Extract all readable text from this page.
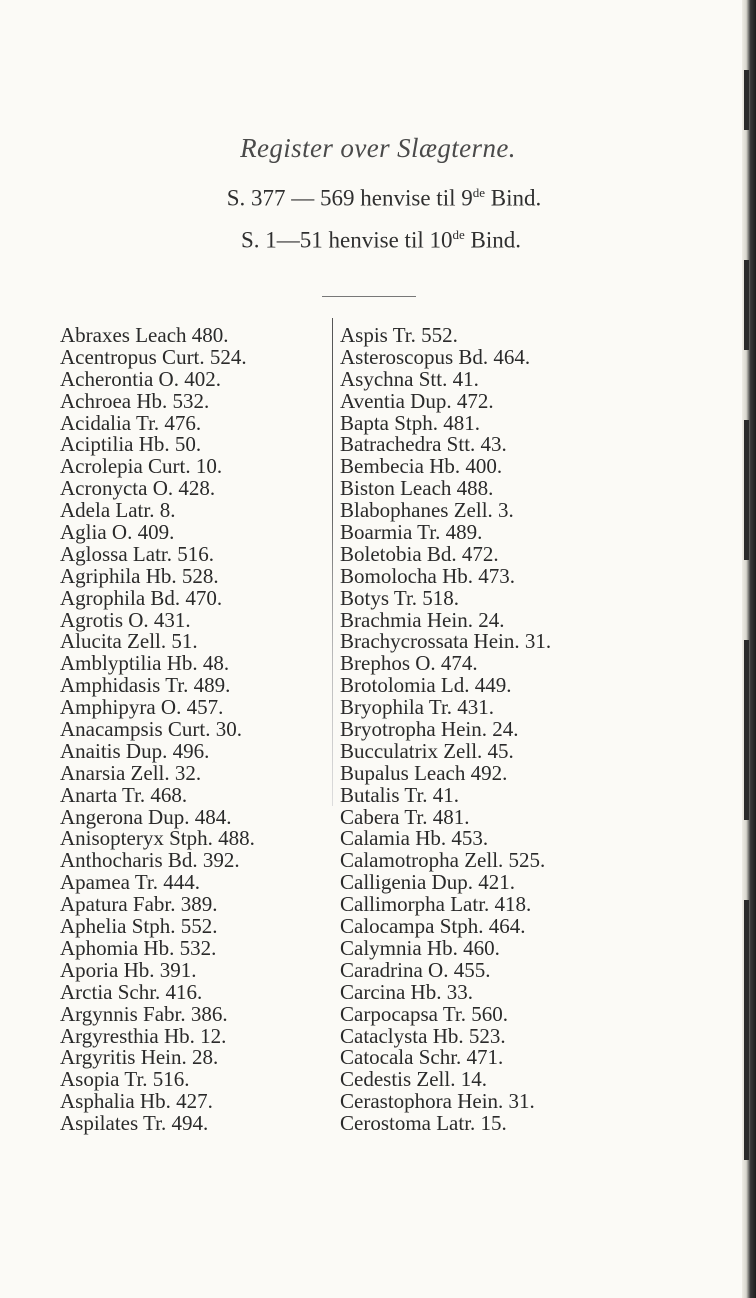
Register over Slægterne.
S. 377 — 569 henvise til 9de Bind.
S. 1—51 henvise til 10de Bind.
Abraxes Leach 480.
Acentropus Curt. 524.
Acherontia O. 402.
Achroea Hb. 532.
Acidalia Tr. 476.
Aciptilia Hb. 50.
Acrolepia Curt. 10.
Acronycta O. 428.
Adela Latr. 8.
Aglia O. 409.
Aglossa Latr. 516.
Agriphila Hb. 528.
Agrophila Bd. 470.
Agrotis O. 431.
Alucita Zell. 51.
Amblyptilia Hb. 48.
Amphidasis Tr. 489.
Amphipyra O. 457.
Anacampsis Curt. 30.
Anaitis Dup. 496.
Anarsia Zell. 32.
Anarta Tr. 468.
Angerona Dup. 484.
Anisopteryx Stph. 488.
Anthocharis Bd. 392.
Apamea Tr. 444.
Apatura Fabr. 389.
Aphelia Stph. 552.
Aphomia Hb. 532.
Aporia Hb. 391.
Arctia Schr. 416.
Argynnis Fabr. 386.
Argyresthia Hb. 12.
Argyritis Hein. 28.
Asopia Tr. 516.
Asphalia Hb. 427.
Aspilates Tr. 494.
Aspis Tr. 552.
Asteroscopus Bd. 464.
Asychna Stt. 41.
Aventia Dup. 472.
Bapta Stph. 481.
Batrachedra Stt. 43.
Bembecia Hb. 400.
Biston Leach 488.
Blabophanes Zell. 3.
Boarmia Tr. 489.
Boletobia Bd. 472.
Bomolocha Hb. 473.
Botys Tr. 518.
Brachmia Hein. 24.
Brachycrossata Hein. 31.
Brephos O. 474.
Brotolomia Ld. 449.
Bryophila Tr. 431.
Bryotropha Hein. 24.
Bucculatrix Zell. 45.
Bupalus Leach 492.
Butalis Tr. 41.
Cabera Tr. 481.
Calamia Hb. 453.
Calamotropha Zell. 525.
Calligenia Dup. 421.
Callimorpha Latr. 418.
Calocampa Stph. 464.
Calymnia Hb. 460.
Caradrina O. 455.
Carcina Hb. 33.
Carpocapsa Tr. 560.
Cataclysta Hb. 523.
Catocala Schr. 471.
Cedestis Zell. 14.
Cerastophora Hein. 31.
Cerostoma Latr. 15.
